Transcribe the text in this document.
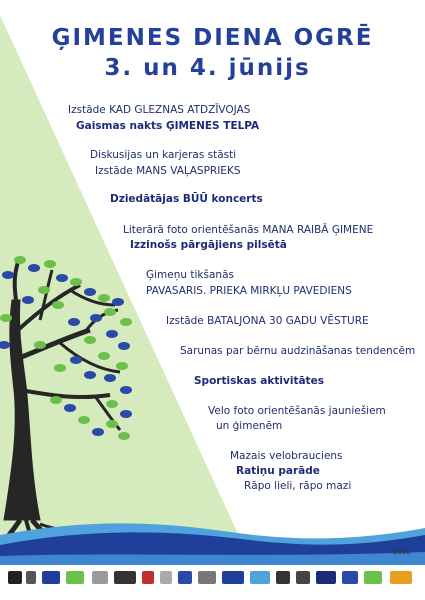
ĢIMENES DIENA OGRĒ
3. un 4. jūnijs
Izstāde KAD GLEZNAS ATDZĪVOJAS
Gaismas nakts ĢIMENES TELPA
Diskusijas un karjeras stāsti
Izstāde MANS VAĻASPRIEKS
Dziedātājas BŪŪ koncerts
Literārā foto orientēšanās MANA RAIBĀ ĢIMENE
Izzinošs pārgājiens pilsētā
Ģimeņu tikšanās
PAVASARIS. PRIEKA MIRKĻU PAVEDIENS
Izstāde BATALJONA 30 GADU VĒSTURE
Sarunas par bērnu audzināšanas tendencēm
Sportiskas aktivitātes
Velo foto orientēšanās jauniešiem
un ģimenēm
Mazais velobrauciens
Ratiņu parāde
Rāpo lieli, rāpo mazi
2022
